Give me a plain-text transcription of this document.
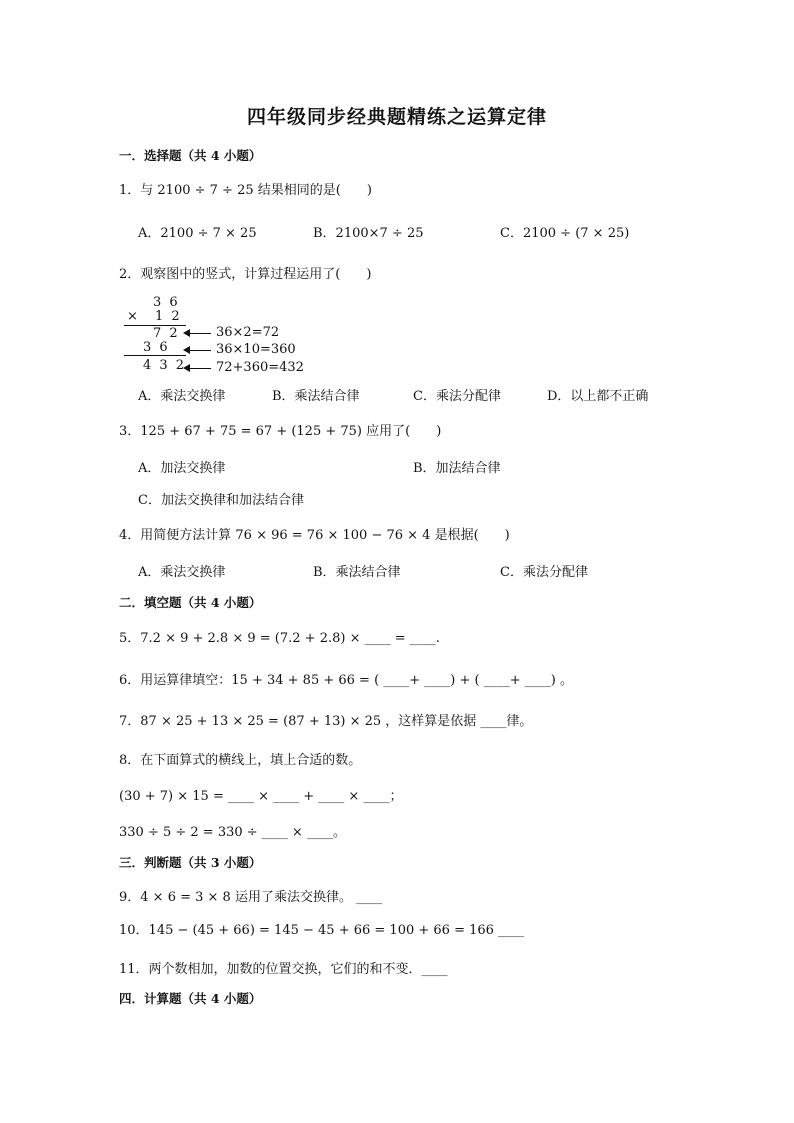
四年级同步经典题精练之运算定律
一．选择题（共 4 小题）
1．与 2100 ÷ 7 ÷ 25 结果相同的是(　　)
A．2100 ÷ 7 × 25	B．2100×7 ÷ 25	C．2100 ÷ (7 × 25)
2．观察图中的竖式，计算过程运用了(　　)
3 6
× 1 2
7 2
3 6
4 3 2
36×2=72
36×10=360
72+360=432
A．乘法交换律	B．乘法结合律	C．乘法分配律	D．以上都不正确
3．125 + 67 + 75 = 67 + (125 + 75) 应用了(　　)
A．加法交换律	B．加法结合律
C．加法交换律和加法结合律
4．用简便方法计算 76 × 96 = 76 × 100 − 76 × 4 是根据(　　)
A．乘法交换律	B．乘法结合律	C．乘法分配律
二．填空题（共 4 小题）
5．7.2 × 9 + 2.8 × 9 = (7.2 + 2.8) × ____ = ____.
6．用运算律填空：15 + 34 + 85 + 66 = ( ____+ ____) + ( ____+ ____) 。
7．87 × 25 + 13 × 25 = (87 + 13) × 25 ，这样算是依据 ____律。
8．在下面算式的横线上，填上合适的数。
(30 + 7) × 15 = ____ × ____ + ____ × ____；
330 ÷ 5 ÷ 2 = 330 ÷ ____ × ____。
三．判断题（共 3 小题）
9．4 × 6 = 3 × 8 运用了乘法交换律。 ____
10．145 − (45 + 66) = 145 − 45 + 66 = 100 + 66 = 166 ____
11．两个数相加，加数的位置交换，它们的和不变．____
四．计算题（共 4 小题）
